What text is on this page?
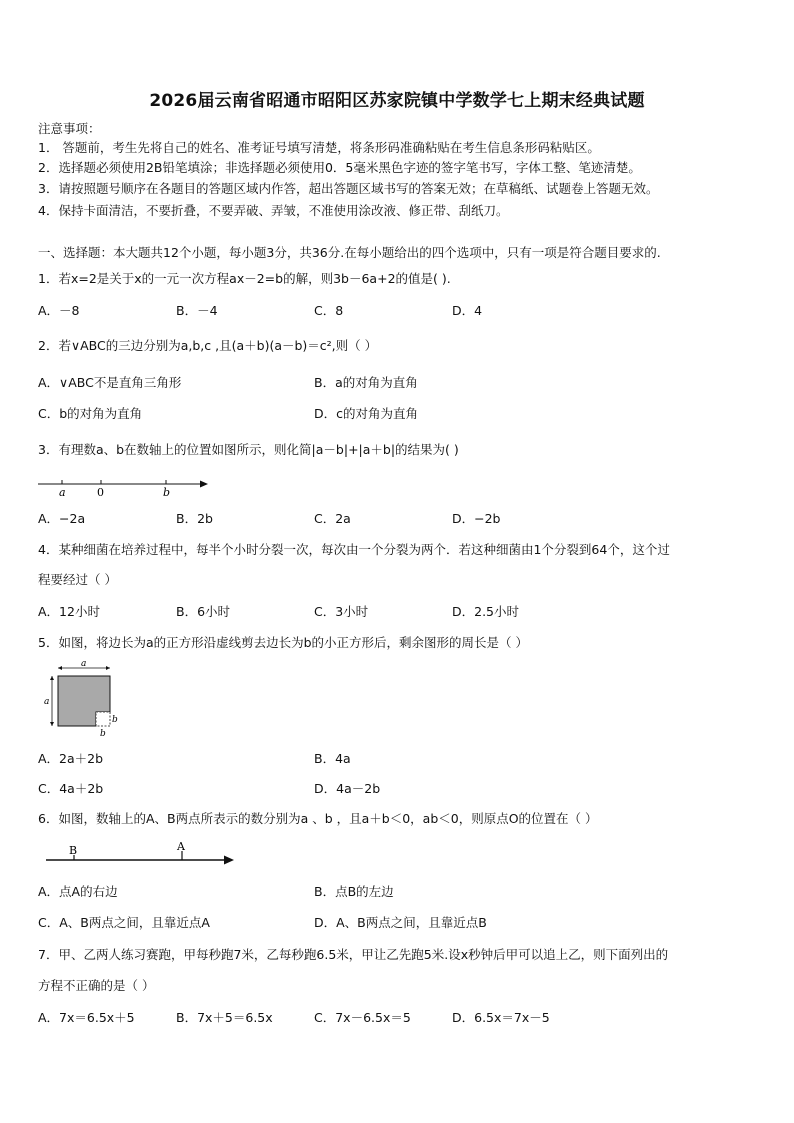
2026届云南省昭通市昭阳区苏家院镇中学数学七上期末经典试题
注意事项：
1． 答题前，考生先将自己的姓名、准考证号填写清楚，将条形码准确粘贴在考生信息条形码粘贴区。
2．选择题必须使用2B铅笔填涂；非选择题必须使用0．5毫米黑色字迹的签字笔书写，字体工整、笔迹清楚。
3．请按照题号顺序在各题目的答题区域内作答，超出答题区域书写的答案无效；在草稿纸、试题卷上答题无效。
4．保持卡面清洁，不要折叠，不要弄破、弄皱，不准使用涂改液、修正带、刮纸刀。
一、选择题：本大题共12个小题，每小题3分，共36分.在每小题给出的四个选项中，只有一项是符合题目要求的.
1．若x=2是关于x的一元一次方程ax－2=b的解，则3b－6a+2的值是( ).
A．－8	B．－4	C．8	D．4
2．若∨ABC的三边分别为a,b,c ,且(a＋b)(a－b)＝c²,则（ ）
A．∨ABC不是直角三角形	B．a的对角为直角
C．b的对角为直角	D．c的对角为直角
3．有理数a、b在数轴上的位置如图所示，则化简|a－b|+|a＋b|的结果为( )
a	0	b
A．−2a	B．2b	C．2a	D．−2b
4．某种细菌在培养过程中，每半个小时分裂一次，每次由一个分裂为两个．若这种细菌由1个分裂到64个，这个过
程要经过（ ）
A．12小时	B．6小时	C．3小时	D．2.5小时
5．如图，将边长为a的正方形沿虚线剪去边长为b的小正方形后，剩余图形的周长是（ ）
a
a
b
b
A．2a＋2b	B．4a
C．4a＋2b	D．4a－2b
6．如图，数轴上的A、B两点所表示的数分别为a 、b ，且a＋b＜0，ab＜0，则原点O的位置在（ ）
B	A
A．点A的右边	B．点B的左边
C．A、B两点之间，且靠近点A	D．A、B两点之间，且靠近点B
7．甲、乙两人练习赛跑，甲每秒跑7米，乙每秒跑6.5米，甲让乙先跑5米.设x秒钟后甲可以追上乙，则下面列出的
方程不正确的是（ ）
A．7x＝6.5x＋5	B．7x＋5＝6.5x	C．7x－6.5x＝5	D．6.5x＝7x－5
